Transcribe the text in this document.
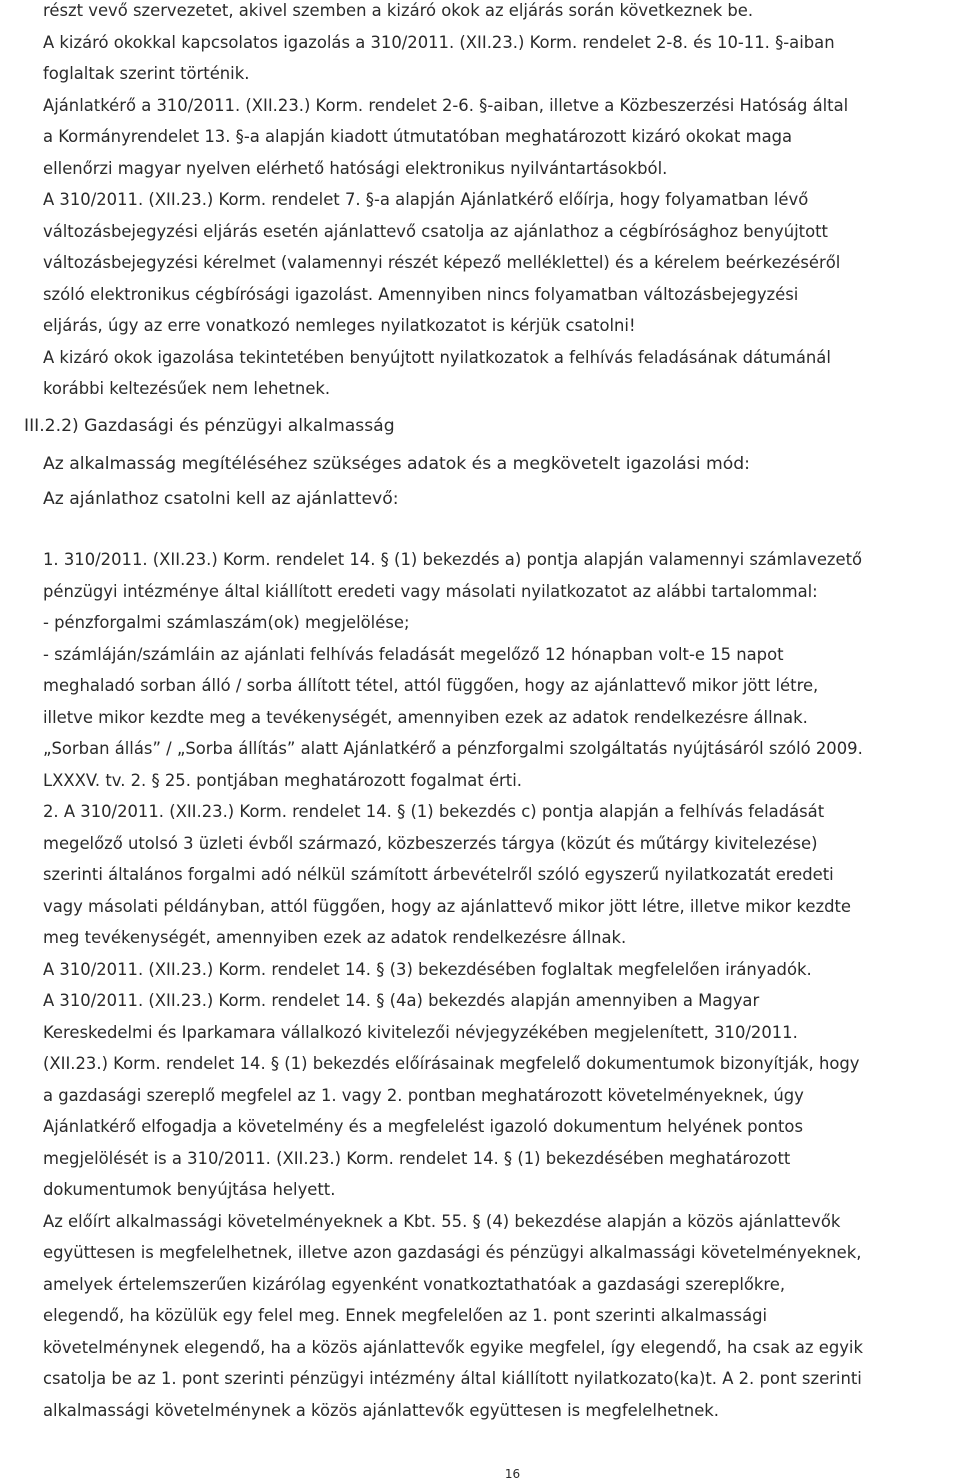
részt vevő szervezetet, akivel szemben a kizáró okok az eljárás során következnek be.
A kizáró okokkal kapcsolatos igazolás a 310/2011. (XII.23.) Korm. rendelet 2-8. és 10-11. §-aiban
foglaltak szerint történik.
Ajánlatkérő a 310/2011. (XII.23.) Korm. rendelet 2-6. §-aiban, illetve a Közbeszerzési Hatóság által
a Kormányrendelet 13. §-a alapján kiadott útmutatóban meghatározott kizáró okokat maga
ellenőrzi magyar nyelven elérhető hatósági elektronikus nyilvántartásokból.
A 310/2011. (XII.23.) Korm. rendelet 7. §-a alapján Ajánlatkérő előírja, hogy folyamatban lévő
változásbejegyzési eljárás esetén ajánlattevő csatolja az ajánlathoz a cégbírósághoz benyújtott
változásbejegyzési kérelmet (valamennyi részét képező melléklettel) és a kérelem beérkezéséről
szóló elektronikus cégbírósági igazolást. Amennyiben nincs folyamatban változásbejegyzési
eljárás, úgy az erre vonatkozó nemleges nyilatkozatot is kérjük csatolni!
A kizáró okok igazolása tekintetében benyújtott nyilatkozatok a felhívás feladásának dátumánál
korábbi keltezésűek nem lehetnek.
III.2.2) Gazdasági és pénzügyi alkalmasság
Az alkalmasság megítéléséhez szükséges adatok és a megkövetelt igazolási mód:
Az ajánlathoz csatolni kell az ajánlattevő:
1. 310/2011. (XII.23.) Korm. rendelet 14. § (1) bekezdés a) pontja alapján valamennyi számlavezető
pénzügyi intézménye által kiállított eredeti vagy másolati nyilatkozatot az alábbi tartalommal:
- pénzforgalmi számlaszám(ok) megjelölése;
- számláján/számláin az ajánlati felhívás feladását megelőző 12 hónapban volt-e 15 napot
meghaladó sorban álló / sorba állított tétel, attól függően, hogy az ajánlattevő mikor jött létre,
illetve mikor kezdte meg a tevékenységét, amennyiben ezek az adatok rendelkezésre állnak.
„Sorban állás” / „Sorba állítás” alatt Ajánlatkérő a pénzforgalmi szolgáltatás nyújtásáról szóló 2009.
LXXXV. tv. 2. § 25. pontjában meghatározott fogalmat érti.
2. A 310/2011. (XII.23.) Korm. rendelet 14. § (1) bekezdés c) pontja alapján a felhívás feladását
megelőző utolsó 3 üzleti évből származó, közbeszerzés tárgya (közút és műtárgy kivitelezése)
szerinti általános forgalmi adó nélkül számított árbevételről szóló egyszerű nyilatkozatát eredeti
vagy másolati példányban, attól függően, hogy az ajánlattevő mikor jött létre, illetve mikor kezdte
meg tevékenységét, amennyiben ezek az adatok rendelkezésre állnak.
A 310/2011. (XII.23.) Korm. rendelet 14. § (3) bekezdésében foglaltak megfelelően irányadók.
A 310/2011. (XII.23.) Korm. rendelet 14. § (4a) bekezdés alapján amennyiben a Magyar
Kereskedelmi és Iparkamara vállalkozó kivitelezői névjegyzékében megjelenített, 310/2011.
(XII.23.) Korm. rendelet 14. § (1) bekezdés előírásainak megfelelő dokumentumok bizonyítják, hogy
a gazdasági szereplő megfelel az 1. vagy 2. pontban meghatározott követelményeknek, úgy
Ajánlatkérő elfogadja a követelmény és a megfelelést igazoló dokumentum helyének pontos
megjelölését is a 310/2011. (XII.23.) Korm. rendelet 14. § (1) bekezdésében meghatározott
dokumentumok benyújtása helyett.
Az előírt alkalmassági követelményeknek a Kbt. 55. § (4) bekezdése alapján a közös ajánlattevők
együttesen is megfelelhetnek, illetve azon gazdasági és pénzügyi alkalmassági követelményeknek,
amelyek értelemszerűen kizárólag egyenként vonatkoztathatóak a gazdasági szereplőkre,
elegendő, ha közülük egy felel meg. Ennek megfelelően az 1. pont szerinti alkalmassági
követelménynek elegendő, ha a közös ajánlattevők egyike megfelel, így elegendő, ha csak az egyik
csatolja be az 1. pont szerinti pénzügyi intézmény által kiállított nyilatkozato(ka)t. A 2. pont szerinti
alkalmassági követelménynek a közös ajánlattevők együttesen is megfelelhetnek.
16
